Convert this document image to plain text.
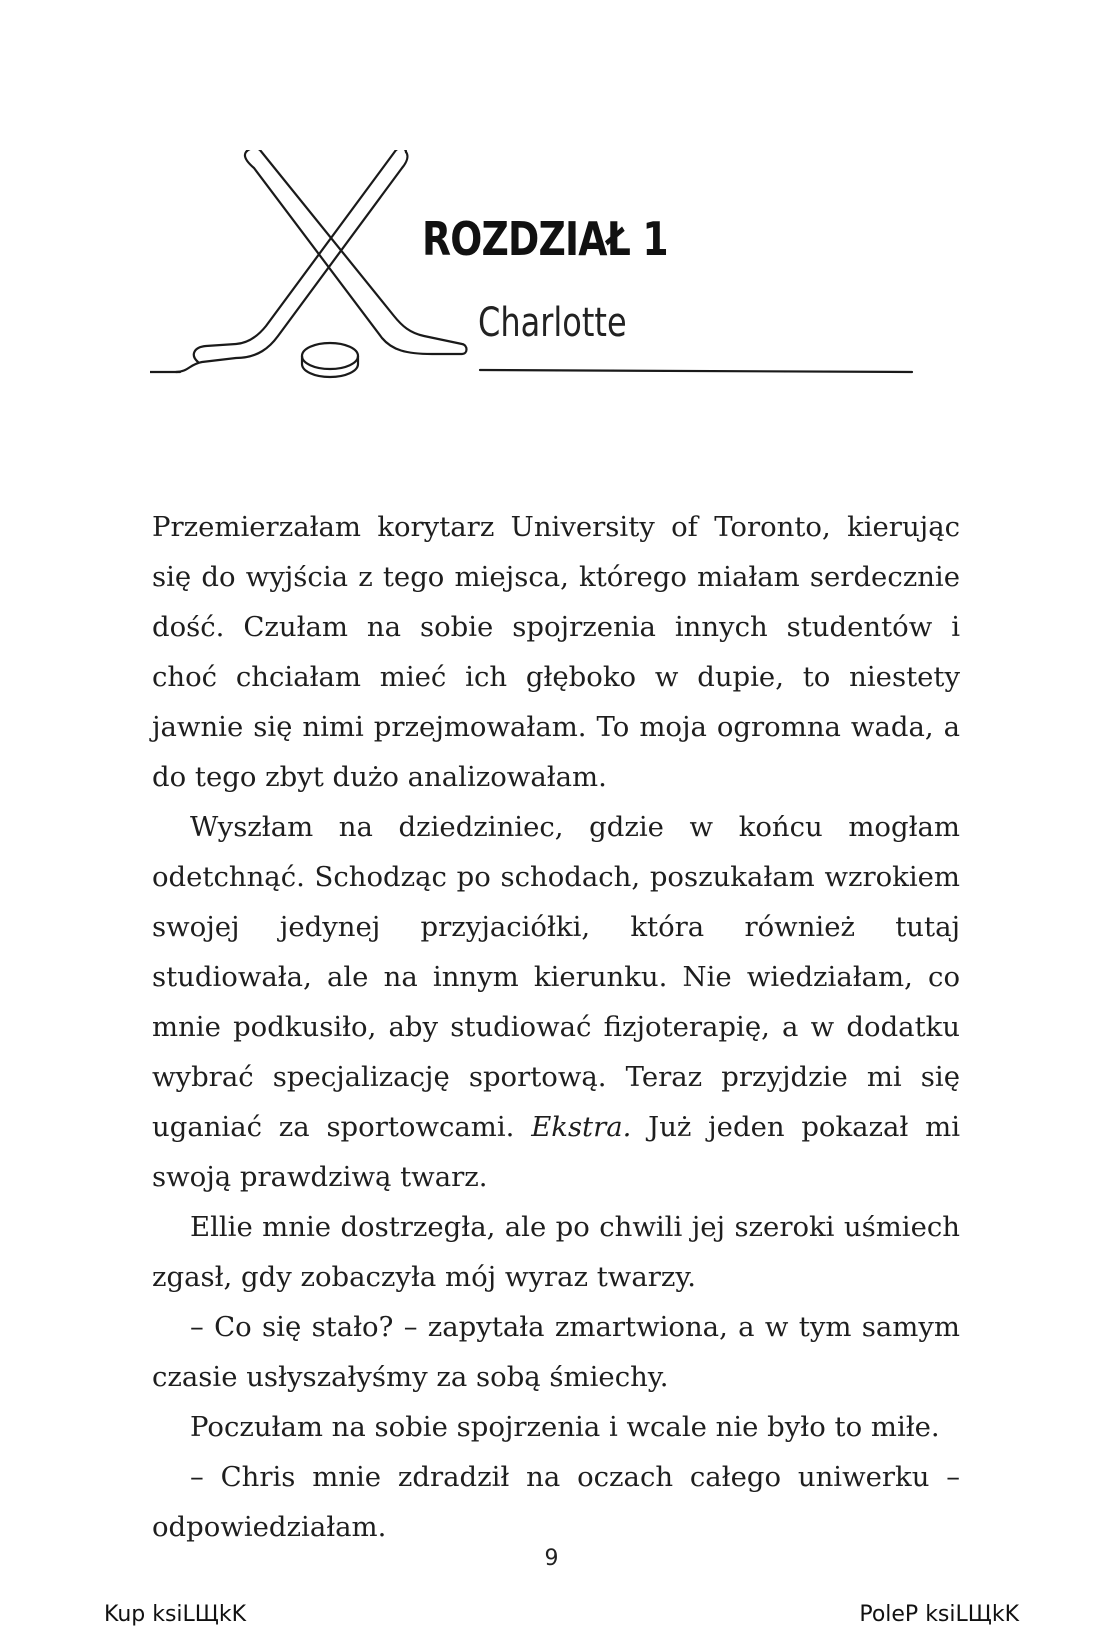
ROZDZIAŁ 1
Charlotte

Przemierzałam korytarz University of Toronto, kierując się do wyjścia z tego miejsca, którego miałam serdecznie dość. Czułam na sobie spojrzenia innych studentów i choć chciałam mieć ich głęboko w dupie, to niestety jawnie się nimi przejmowałam. To moja ogromna wada, a do tego zbyt dużo analizowałam.

Wyszłam na dziedziniec, gdzie w końcu mogłam odetchnąć. Schodząc po schodach, poszukałam wzrokiem swojej jedynej przyjaciółki, która również tutaj studiowała, ale na innym kierunku. Nie wiedziałam, co mnie podkusiło, aby studiować fizjoterapię, a w dodatku wybrać specjalizację sportową. Teraz przyjdzie mi się uganiać za sportowcami. Ekstra. Już jeden pokazał mi swoją prawdziwą twarz.

Ellie mnie dostrzegła, ale po chwili jej szeroki uśmiech zgasł, gdy zobaczyła mój wyraz twarzy.

– Co się stało? – zapytała zmartwiona, a w tym samym czasie usłyszałyśmy za sobą śmiechy.

Poczułam na sobie spojrzenia i wcale nie było to miłe.

– Chris mnie zdradził na oczach całego uniwerku – odpowiedziałam.

9
Kup ksiLЩkK	PoleP ksiLЩkK
